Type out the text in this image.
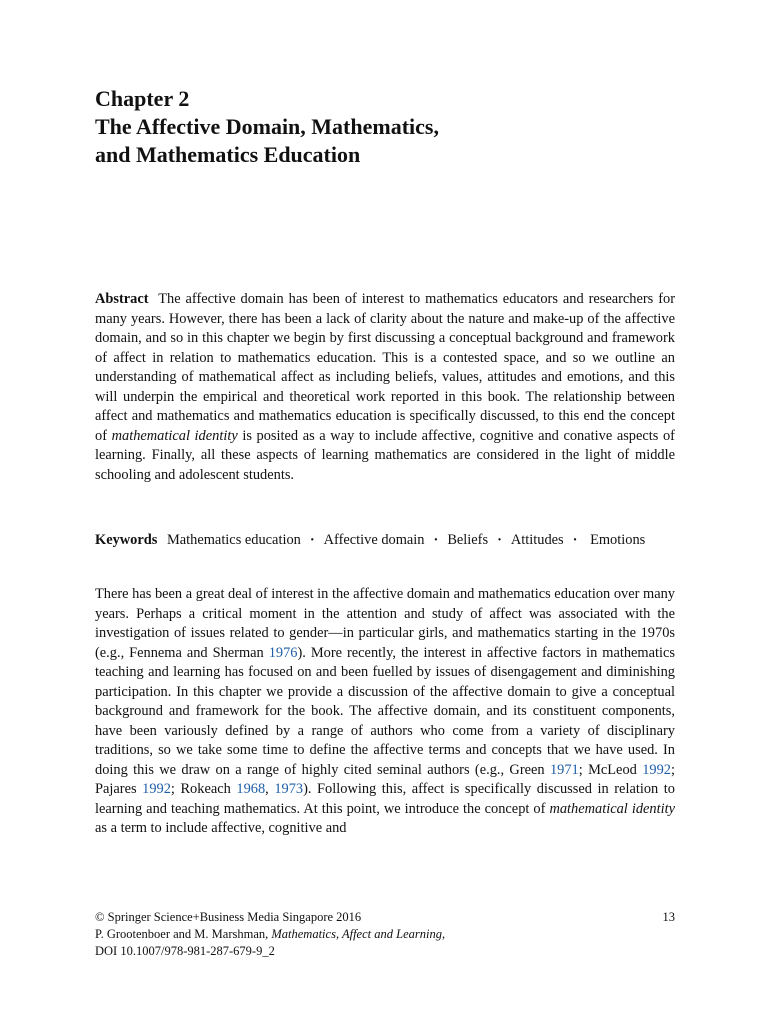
Chapter 2
The Affective Domain, Mathematics,
and Mathematics Education

Abstract The affective domain has been of interest to mathematics educators and researchers for many years. However, there has been a lack of clarity about the nature and make-up of the affective domain, and so in this chapter we begin by first discussing a conceptual background and framework of affect in relation to mathematics education. This is a contested space, and so we outline an understanding of mathematical affect as including beliefs, values, attitudes and emotions, and this will underpin the empirical and theoretical work reported in this book. The relationship between affect and mathematics and mathematics education is specifically discussed, to this end the concept of mathematical identity is posited as a way to include affective, cognitive and conative aspects of learning. Finally, all these aspects of learning mathematics are considered in the light of middle schooling and adolescent students.

Keywords Mathematics education · Affective domain · Beliefs · Attitudes · Emotions

There has been a great deal of interest in the affective domain and mathematics education over many years. Perhaps a critical moment in the attention and study of affect was associated with the investigation of issues related to gender—in particular girls, and mathematics starting in the 1970s (e.g., Fennema and Sherman 1976). More recently, the interest in affective factors in mathematics teaching and learning has focused on and been fuelled by issues of disengagement and diminishing participation. In this chapter we provide a discussion of the affective domain to give a conceptual background and framework for the book. The affective domain, and its constituent components, have been variously defined by a range of authors who come from a variety of disciplinary traditions, so we take some time to define the affective terms and concepts that we have used. In doing this we draw on a range of highly cited seminal authors (e.g., Green 1971; McLeod 1992; Pajares 1992; Rokeach 1968, 1973). Following this, affect is specifically discussed in relation to learning and teaching mathematics. At this point, we introduce the concept of mathematical identity as a term to include affective, cognitive and

© Springer Science+Business Media Singapore 2016	13
P. Grootenboer and M. Marshman, Mathematics, Affect and Learning,
DOI 10.1007/978-981-287-679-9_2
